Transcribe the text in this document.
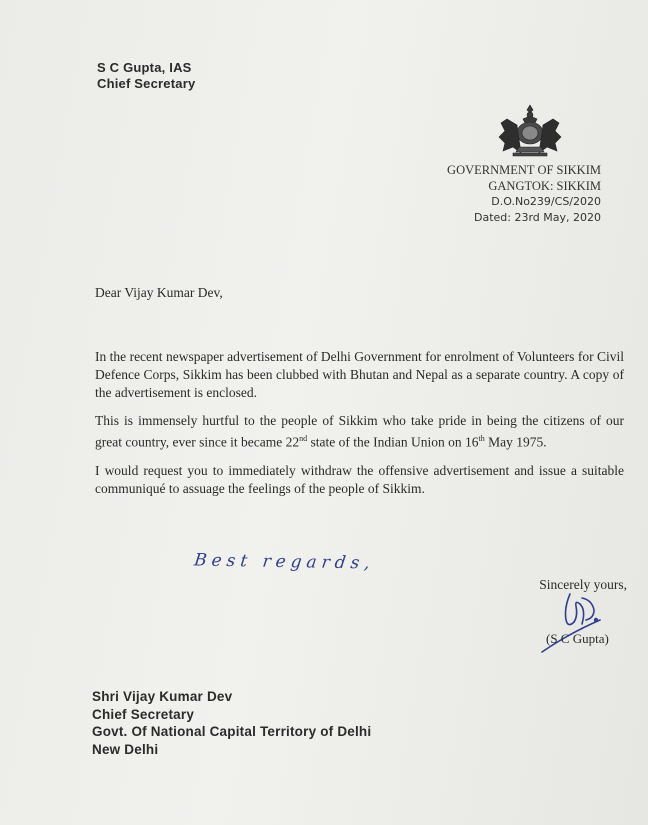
S C Gupta, IAS
Chief Secretary
GOVERNMENT OF SIKKIM
GANGTOK: SIKKIM
D.O.No239/CS/2020
Dated: 23rd May, 2020
Dear Vijay Kumar Dev,

In the recent newspaper advertisement of Delhi Government for enrolment of Volunteers for Civil Defence Corps, Sikkim has been clubbed with Bhutan and Nepal as a separate country. A copy of the advertisement is enclosed.

This is immensely hurtful to the people of Sikkim who take pride in being the citizens of our great country, ever since it became 22nd state of the Indian Union on 16th May 1975.

I would request you to immediately withdraw the offensive advertisement and issue a suitable communiqué to assuage the feelings of the people of Sikkim.

Best regards,
Sincerely yours,
(S C Gupta)
Shri Vijay Kumar Dev
Chief Secretary
Govt. Of National Capital Territory of Delhi
New Delhi
